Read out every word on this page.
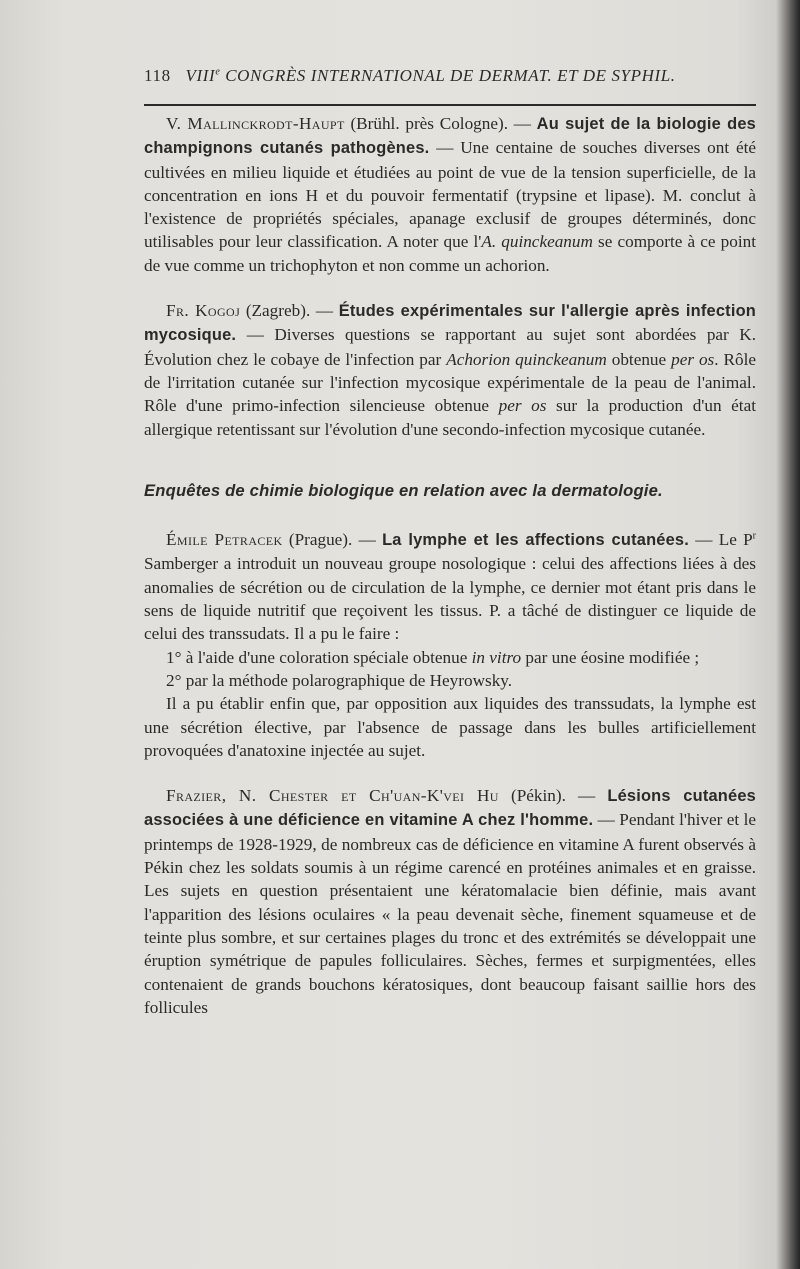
118 VIIIe CONGRÈS INTERNATIONAL DE DERMAT. ET DE SYPHIL.

V. Mallinckrodt-Haupt (Brühl. près Cologne). — Au sujet de la biologie des champignons cutanés pathogènes. — Une centaine de souches diverses ont été cultivées en milieu liquide et étudiées au point de vue de la tension superficielle, de la concentration en ions H et du pouvoir fermentatif (trypsine et lipase). M. conclut à l'existence de propriétés spéciales, apanage exclusif de groupes déterminés, donc utilisables pour leur classification. A noter que l'A. quinckeanum se comporte à ce point de vue comme un trichophyton et non comme un achorion.

Fr. Kogoj (Zagreb). — Études expérimentales sur l'allergie après infection mycosique. — Diverses questions se rapportant au sujet sont abordées par K. Évolution chez le cobaye de l'infection par Achorion quinckeanum obtenue per os. Rôle de l'irritation cutanée sur l'infection mycosique expérimentale de la peau de l'animal. Rôle d'une primo-infection silencieuse obtenue per os sur la production d'un état allergique retentissant sur l'évolution d'une secondo-infection mycosique cutanée.

Enquêtes de chimie biologique en relation avec la dermatologie.

Émile Petracek (Prague). — La lymphe et les affections cutanées. — Le $P^r$ Samberger a introduit un nouveau groupe nosologique : celui des affections liées à des anomalies de sécrétion ou de circulation de la lymphe, ce dernier mot étant pris dans le sens de liquide nutritif que reçoivent les tissus. P. a tâché de distinguer ce liquide de celui des transsudats. Il a pu le faire :

1° à l'aide d'une coloration spéciale obtenue in vitro par une éosine modifiée ;

2° par la méthode polarographique de Heyrowsky.

Il a pu établir enfin que, par opposition aux liquides des transsudats, la lymphe est une sécrétion élective, par l'absence de passage dans les bulles artificiellement provoquées d'anatoxine injectée au sujet.

Frazier, N. Chester et Ch'uan-K'vei Hu (Pékin). — Lésions cutanées associées à une déficience en vitamine A chez l'homme. — Pendant l'hiver et le printemps de 1928-1929, de nombreux cas de déficience en vitamine A furent observés à Pékin chez les soldats soumis à un régime carencé en protéines animales et en graisse. Les sujets en question présentaient une kératomalacie bien définie, mais avant l'apparition des lésions oculaires « la peau devenait sèche, finement squameuse et de teinte plus sombre, et sur certaines plages du tronc et des extrémités se développait une éruption symétrique de papules folliculaires. Sèches, fermes et surpigmentées, elles contenaient de grands bouchons kératosiques, dont beaucoup faisant saillie hors des follicules
